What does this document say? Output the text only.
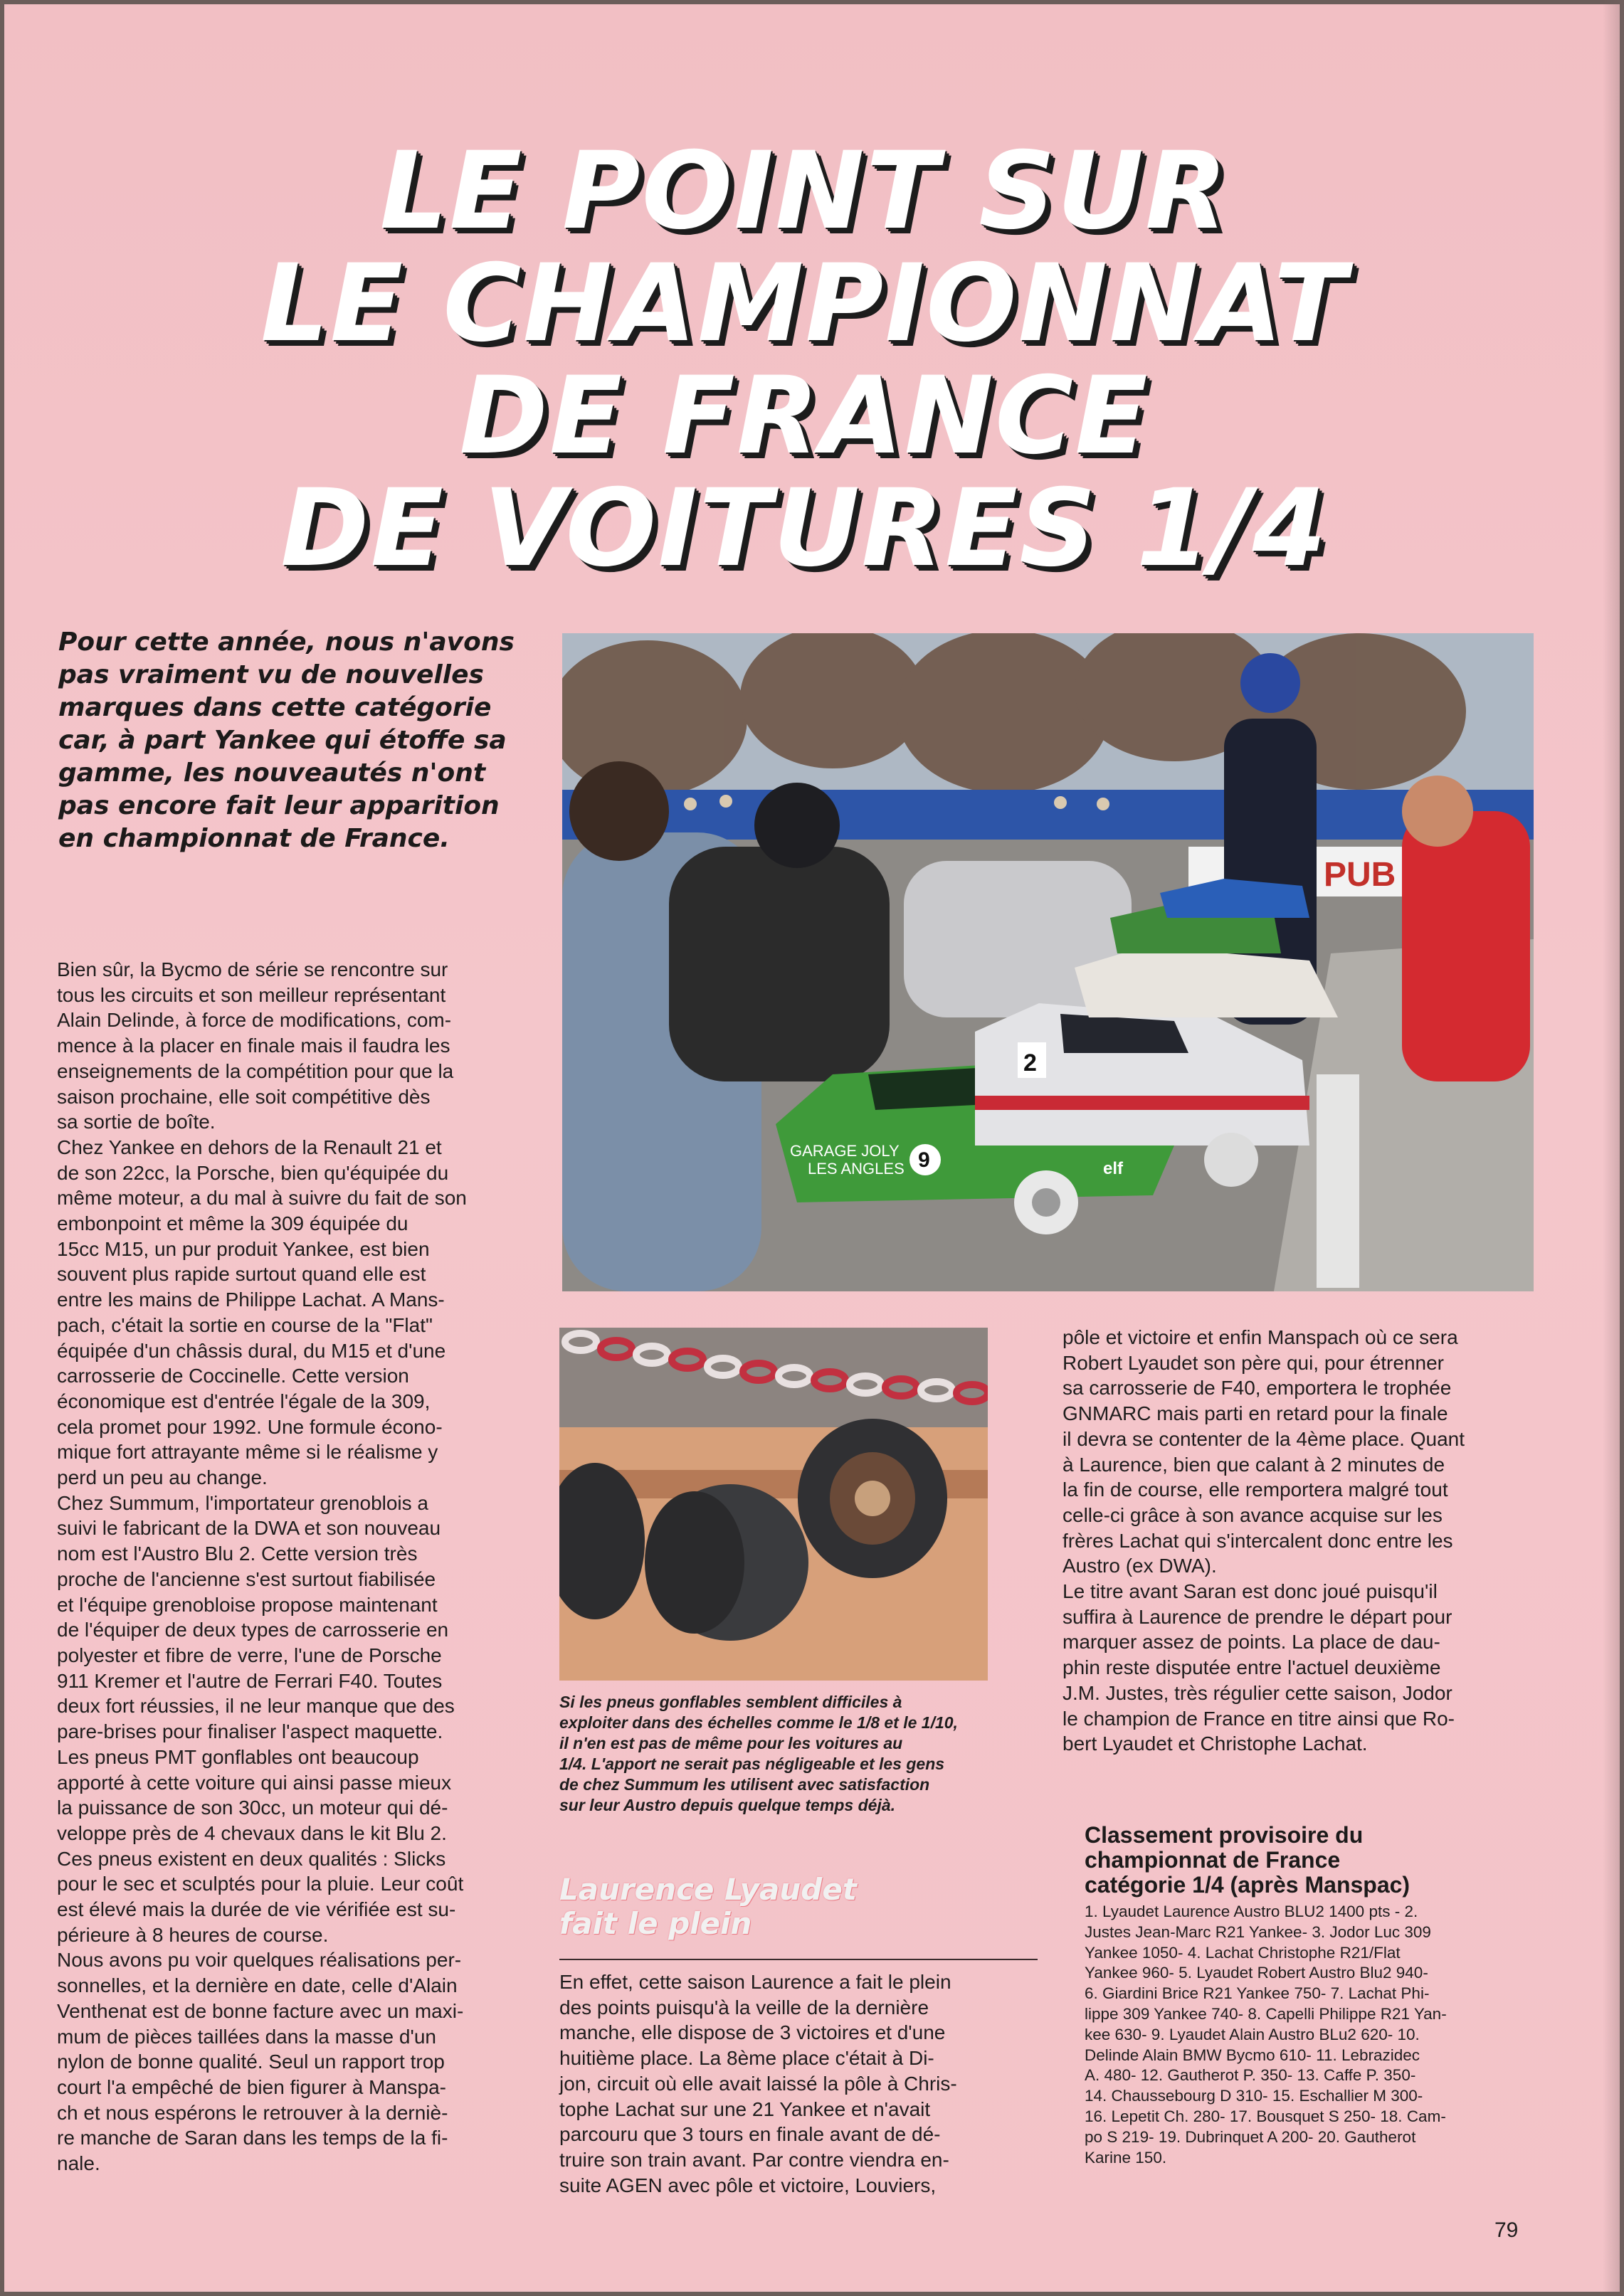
LE POINT SUR
LE CHAMPIONNAT
DE FRANCE
DE VOITURES 1/4

Pour cette année, nous n'avons pas vraiment vu de nouvelles marques dans cette catégorie car, à part Yankee qui étoffe sa gamme, les nouveautés n'ont pas encore fait leur apparition en championnat de France.

Bien sûr, la Bycmo de série se rencontre sur
tous les circuits et son meilleur représentant
Alain Delinde, à force de modifications, com-
mence à la placer en finale mais il faudra les
enseignements de la compétition pour que la
saison prochaine, elle soit compétitive dès
sa sortie de boîte.
Chez Yankee en dehors de la Renault 21 et
de son 22cc, la Porsche, bien qu'équipée du
même moteur, a du mal à suivre du fait de son
embonpoint et même la 309 équipée du
15cc M15, un pur produit Yankee, est bien
souvent plus rapide surtout quand elle est
entre les mains de Philippe Lachat. A Mans-
pach, c'était la sortie en course de la "Flat"
équipée d'un châssis dural, du M15 et d'une
carrosserie de Coccinelle. Cette version
économique est d'entrée l'égale de la 309,
cela promet pour 1992. Une formule écono-
mique fort attrayante même si le réalisme y
perd un peu au change.
Chez Summum, l'importateur grenoblois a
suivi le fabricant de la DWA et son nouveau
nom est l'Austro Blu 2. Cette version très
proche de l'ancienne s'est surtout fiabilisée
et l'équipe grenobloise propose maintenant
de l'équiper de deux types de carrosserie en
polyester et fibre de verre, l'une de Porsche
911 Kremer et l'autre de Ferrari F40. Toutes
deux fort réussies, il ne leur manque que des
pare-brises pour finaliser l'aspect maquette.
Les pneus PMT gonflables ont beaucoup
apporté à cette voiture qui ainsi passe mieux
la puissance de son 30cc, un moteur qui dé-
veloppe près de 4 chevaux dans le kit Blu 2.
Ces pneus existent en deux qualités : Slicks
pour le sec et sculptés pour la pluie. Leur coût
est élevé mais la durée de vie vérifiée est su-
périeure à 8 heures de course.
Nous avons pu voir quelques réalisations per-
sonnelles, et la dernière en date, celle d'Alain
Venthenat est de bonne facture avec un maxi-
mum de pièces taillées dans la masse d'un
nylon de bonne qualité. Seul un rapport trop
court l'a empêché de bien figurer à Manspa-
ch et nous espérons le retrouver à la derniè-
re manche de Saran dans les temps de la fi-
nale.

PUB
GARAGE JOLY
LES ANGLES 9	elf
2

Si les pneus gonflables semblent difficiles à
exploiter dans des échelles comme le 1/8 et le 1/10,
il n'en est pas de même pour les voitures au
1/4. L'apport ne serait pas négligeable et les gens
de chez Summum les utilisent avec satisfaction
sur leur Austro depuis quelque temps déjà.

Laurence Lyaudet
fait le plein

En effet, cette saison Laurence a fait le plein
des points puisqu'à la veille de la dernière
manche, elle dispose de 3 victoires et d'une
huitième place. La 8ème place c'était à Di-
jon, circuit où elle avait laissé la pôle à Chris-
tophe Lachat sur une 21 Yankee et n'avait
parcouru que 3 tours en finale avant de dé-
truire son train avant. Par contre viendra en-
suite AGEN avec pôle et victoire, Louviers,

pôle et victoire et enfin Manspach où ce sera
Robert Lyaudet son père qui, pour étrenner
sa carrosserie de F40, emportera le trophée
GNMARC mais parti en retard pour la finale
il devra se contenter de la 4ème place. Quant
à Laurence, bien que calant à 2 minutes de
la fin de course, elle remportera malgré tout
celle-ci grâce à son avance acquise sur les
frères Lachat qui s'intercalent donc entre les
Austro (ex DWA).
Le titre avant Saran est donc joué puisqu'il
suffira à Laurence de prendre le départ pour
marquer assez de points. La place de dau-
phin reste disputée entre l'actuel deuxième
J.M. Justes, très régulier cette saison, Jodor
le champion de France en titre ainsi que Ro-
bert Lyaudet et Christophe Lachat.

Classement provisoire du
championnat de France
catégorie 1/4 (après Manspac)

1. Lyaudet Laurence Austro BLU2 1400 pts - 2.
Justes Jean-Marc R21 Yankee- 3. Jodor Luc 309
Yankee 1050- 4. Lachat Christophe R21/Flat
Yankee 960- 5. Lyaudet Robert Austro Blu2 940-
6. Giardini Brice R21 Yankee 750- 7. Lachat Phi-
lippe 309 Yankee 740- 8. Capelli Philippe R21 Yan-
kee 630- 9. Lyaudet Alain Austro BLu2 620- 10.
Delinde Alain BMW Bycmo 610- 11. Lebrazidec
A. 480- 12. Gautherot P. 350- 13. Caffe P. 350-
14. Chaussebourg D 310- 15. Eschallier M 300-
16. Lepetit Ch. 280- 17. Bousquet S 250- 18. Cam-
po S 219- 19. Dubrinquet A 200- 20. Gautherot
Karine 150.

79
